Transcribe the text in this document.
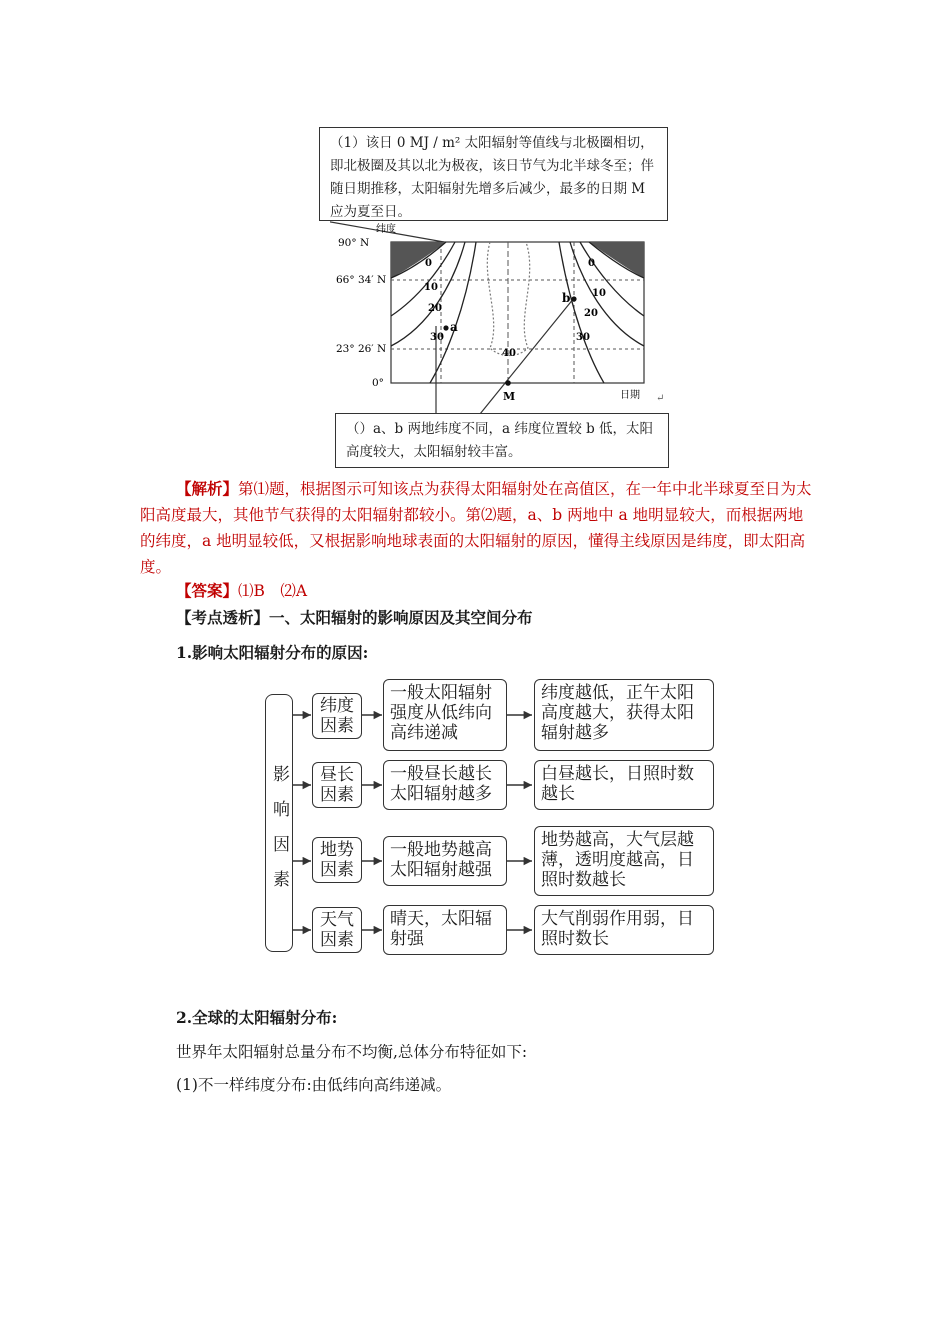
（1）该日 0 MJ / m² 太阳辐射等值线与北极圈相切，即北极圈及其以北为极夜，该日节气为北半球冬至；伴随日期推移，太阳辐射先增多后减少，最多的日期 M 应为夏至日。
纬度
90° N
66° 34′ N
23° 26′ N
0°
日期
M
a
b
0
10
20
30
0
10
20
30
40
↵
（）a、b 两地纬度不同，a 纬度位置较 b 低，太阳高度较大，太阳辐射较丰富。
【解析】第⑴题，根据图示可知该点为获得太阳辐射处在高值区，在一年中北半球夏至日为太阳高度最大，其他节气获得的太阳辐射都较小。第⑵题，a、b 两地中 a 地明显较大，而根据两地的纬度，a 地明显较低，又根据影响地球表面的太阳辐射的原因，懂得主线原因是纬度，即太阳高度。
【答案】⑴B　⑵A
【考点透析】一、太阳辐射的影响原因及其空间分布
1.影响太阳辐射分布的原因:
影响因素
纬度因素
一般太阳辐射强度从低纬向高纬递减
纬度越低，正午太阳高度越大，获得太阳辐射越多
昼长因素
一般昼长越长太阳辐射越多
白昼越长，日照时数越长
地势因素
一般地势越高太阳辐射越强
地势越高，大气层越薄，透明度越高，日照时数越长
天气因素
晴天，太阳辐射强
大气削弱作用弱，日照时数长
2.全球的太阳辐射分布:
世界年太阳辐射总量分布不均衡,总体分布特征如下:
(1)不一样纬度分布:由低纬向高纬递减。
